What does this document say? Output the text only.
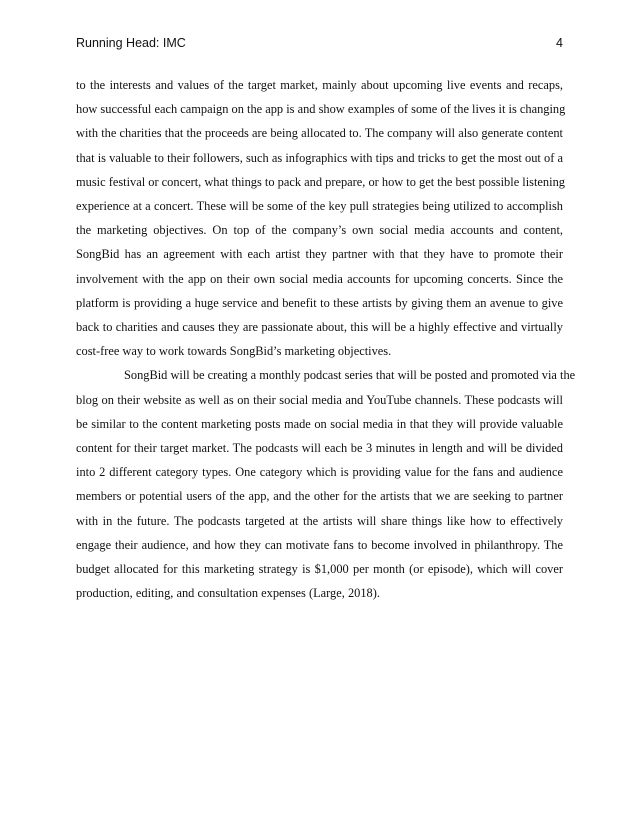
Running Head: IMC	4
to the interests and values of the target market, mainly about upcoming live events and recaps,
how successful each campaign on the app is and show examples of some of the lives it is changing
with the charities that the proceeds are being allocated to. The company will also generate content
that is valuable to their followers, such as infographics with tips and tricks to get the most out of a
music festival or concert, what things to pack and prepare, or how to get the best possible listening
experience at a concert. These will be some of the key pull strategies being utilized to accomplish
the marketing objectives. On top of the company’s own social media accounts and content,
SongBid has an agreement with each artist they partner with that they have to promote their
involvement with the app on their own social media accounts for upcoming concerts. Since the
platform is providing a huge service and benefit to these artists by giving them an avenue to give
back to charities and causes they are passionate about, this will be a highly effective and virtually
cost-free way to work towards SongBid’s marketing objectives.
SongBid will be creating a monthly podcast series that will be posted and promoted via the
blog on their website as well as on their social media and YouTube channels. These podcasts will
be similar to the content marketing posts made on social media in that they will provide valuable
content for their target market. The podcasts will each be 3 minutes in length and will be divided
into 2 different category types. One category which is providing value for the fans and audience
members or potential users of the app, and the other for the artists that we are seeking to partner
with in the future. The podcasts targeted at the artists will share things like how to effectively
engage their audience, and how they can motivate fans to become involved in philanthropy. The
budget allocated for this marketing strategy is $1,000 per month (or episode), which will cover
production, editing, and consultation expenses (Large, 2018).
